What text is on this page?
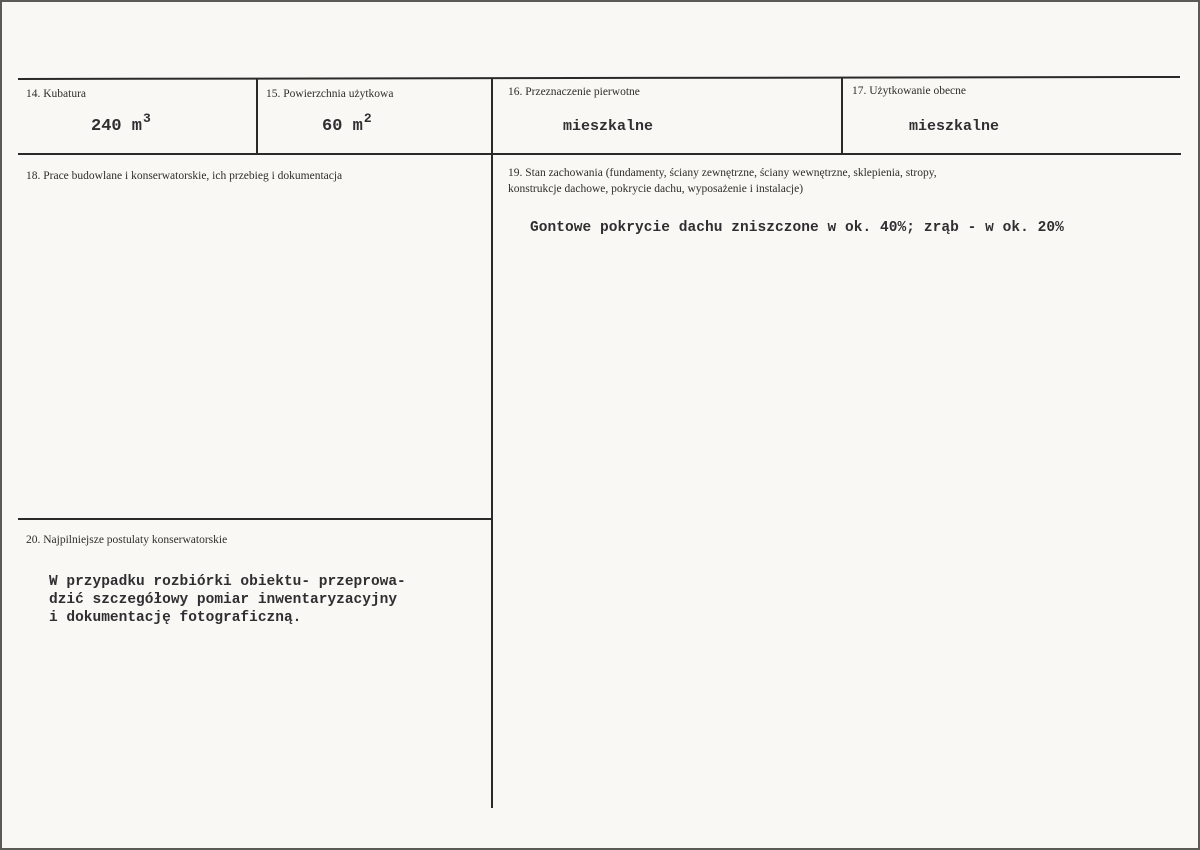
14. Kubatura
240 $m^3$
15. Powierzchnia użytkowa
60 $m^2$
16. Przeznaczenie pierwotne
mieszkalne
17. Użytkowanie obecne
mieszkalne
18. Prace budowlane i konserwatorskie, ich przebieg i dokumentacja	19. Stan zachowania (fundamenty, ściany zewnętrzne, ściany wewnętrzne, sklepienia, stropy,
konstrukcje dachowe, pokrycie dachu, wyposażenie i instalacje)
Gontowe pokrycie dachu zniszczone w ok. 40%; zrąb - w ok. 20%
20. Najpilniejsze postulaty konserwatorskie
W przypadku rozbiórki obiektu- przeprowa-
dzić szczegółowy pomiar inwentaryzacyjny
i dokumentację fotograficzną.
